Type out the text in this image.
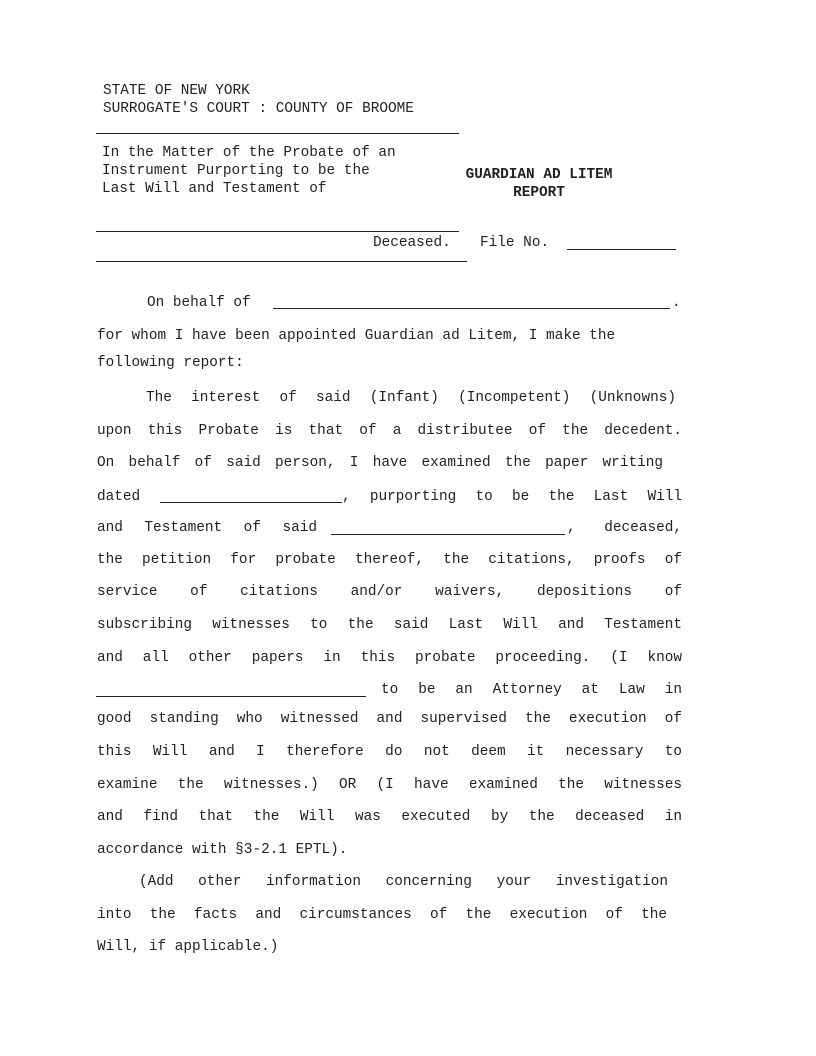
STATE OF NEW YORK
SURROGATE'S COURT : COUNTY OF BROOME
In the Matter of the Probate of an
Instrument Purporting to be the
Last Will and Testament of
GUARDIAN AD LITEM
REPORT
Deceased. File No.
On behalf of	.
for whom I have been appointed Guardian ad Litem, I make the
following report:

The interest of said (Infant) (Incompetent) (Unknowns)

upon this Probate is that of a distributee of the decedent.

On behalf of said person, I have examined the paper writing

dated	, purporting to be the Last Will

and Testament of said	, deceased,

the petition for probate thereof, the citations, proofs of

service of citations and/or waivers, depositions of

subscribing witnesses to the said Last Will and Testament

and all other papers in this probate proceeding. (I know

to be an Attorney at Law in

good standing who witnessed and supervised the execution of

this Will and I therefore do not deem it necessary to

examine the witnesses.) OR (I have examined the witnesses

and find that the Will was executed by the deceased in

accordance with §3-2.1 EPTL).

(Add other information concerning your investigation

into the facts and circumstances of the execution of the

Will, if applicable.)
